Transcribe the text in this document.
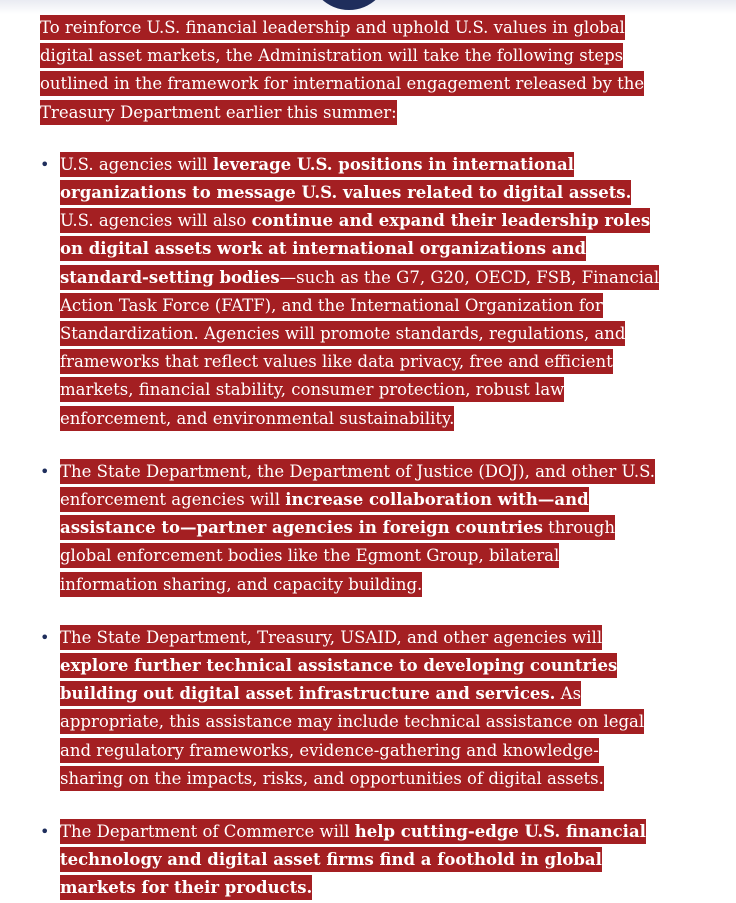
To reinforce U.S. financial leadership and uphold U.S. values in global digital asset markets, the Administration will take the following steps outlined in the framework for international engagement released by the Treasury Department earlier this summer:

• U.S. agencies will leverage U.S. positions in international organizations to message U.S. values related to digital assets. U.S. agencies will also continue and expand their leadership roles on digital assets work at international organizations and standard-setting bodies—such as the G7, G20, OECD, FSB, Financial Action Task Force (FATF), and the International Organization for Standardization. Agencies will promote standards, regulations, and frameworks that reflect values like data privacy, free and efficient markets, financial stability, consumer protection, robust law enforcement, and environmental sustainability.
• The State Department, the Department of Justice (DOJ), and other U.S. enforcement agencies will increase collaboration with—and assistance to—partner agencies in foreign countries through global enforcement bodies like the Egmont Group, bilateral information sharing, and capacity building.
• The State Department, Treasury, USAID, and other agencies will explore further technical assistance to developing countries building out digital asset infrastructure and services. As appropriate, this assistance may include technical assistance on legal and regulatory frameworks, evidence-gathering and knowledge-sharing on the impacts, risks, and opportunities of digital assets.
• The Department of Commerce will help cutting-edge U.S. financial technology and digital asset firms find a foothold in global markets for their products.
